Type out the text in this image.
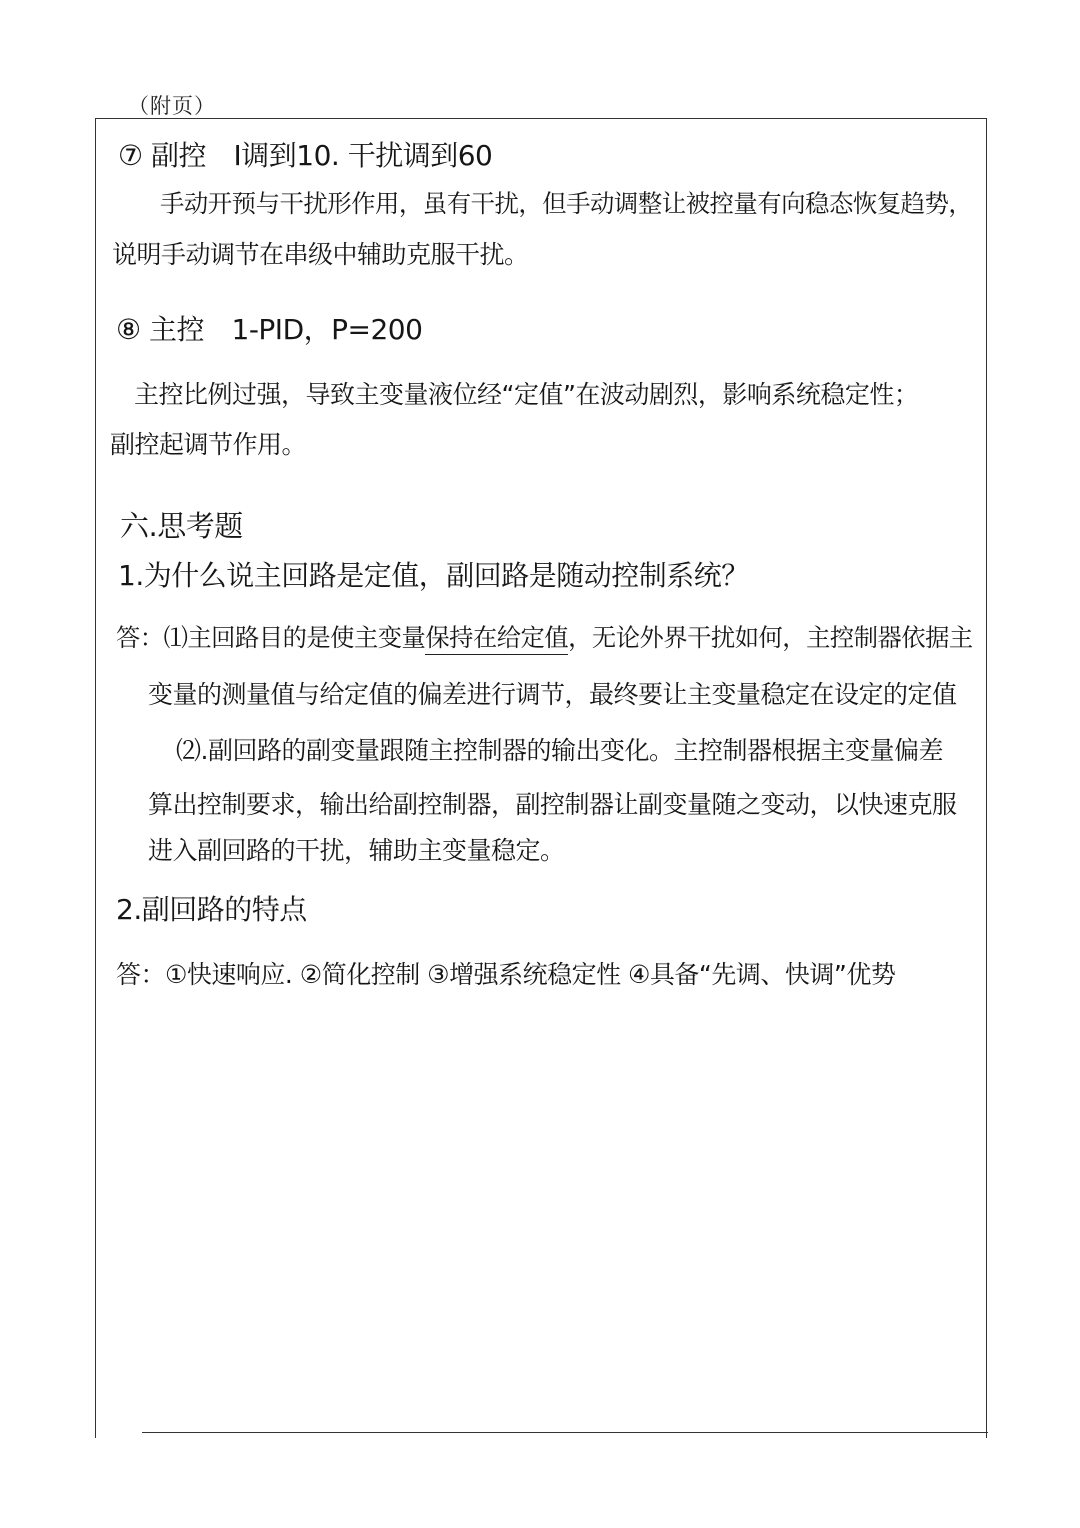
（附页）
⑦ 副控　I调到10. 干扰调到60
手动开预与干扰形作用，虽有干扰，但手动调整让被控量有向稳态恢复趋势，
说明手动调节在串级中辅助克服干扰。
⑧ 主控　1-PID，P=200
主控比例过强，导致主变量液位经“定值”在波动剧烈，影响系统稳定性；
副控起调节作用。
六.思考题
1.为什么说主回路是定值，副回路是随动控制系统？
答：⑴主回路目的是使主变量保持在给定值，无论外界干扰如何，主控制器依据主
变量的测量值与给定值的偏差进行调节，最终要让主变量稳定在设定的定值
⑵.副回路的副变量跟随主控制器的输出变化。主控制器根据主变量偏差
算出控制要求，输出给副控制器，副控制器让副变量随之变动，以快速克服
进入副回路的干扰，辅助主变量稳定。
2.副回路的特点
答：①快速响应. ②简化控制 ③增强系统稳定性 ④具备“先调、快调”优势
